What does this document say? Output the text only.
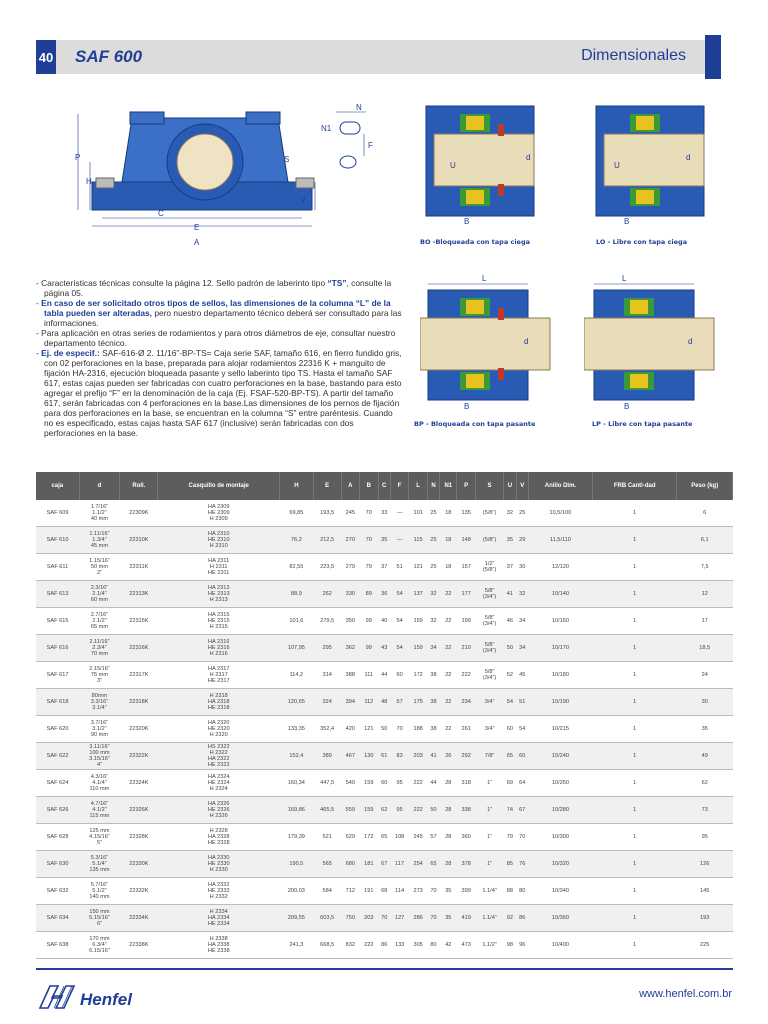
40 SAF 600	Dimensionales
P
H
S
V
C
E
A
N
N1
F
U
d
B
BO -Bloqueada con tapa ciega
U
d
B
LO - Libre con tapa ciega
L
d
B
BP - Bloqueada con tapa pasante
L
d
B
LP - Libre con tapa pasante

- Características técnicas consulte la página 12. Sello padrón de laberinto tipo “TS”, consulte la página 05.

- En caso de ser solicitado otros tipos de sellos, las dimensiones de la columna “L” de la tabla pueden ser alteradas, pero nuestro departamento técnico deberá ser consultado para las informaciones.

- Para aplicación en otras series de rodamientos y para otros diámetros de eje, consultar nuestro departamento técnico.

- Ej. de especif.: SAF-616-Ø 2. 11/16”-BP-TS= Caja serie SAF, tamaño 616, en fierro fundido gris, con 02 perforaciones en la base, preparada para alojar rodamientos 22316 K + manguito de fijación HA-2316, ejecución bloqueada pasante y sello laberinto tipo TS. Hasta el tamaño SAF 617, estas cajas pueden ser fabricadas con cuatro perforaciones en la base, bastando para esto agregar el prefijo “F” en la denominación de la caja (Ej. FSAF-520-BP-TS). A partir del tamaño 617, serán fabricadas con 4 perforaciones en la base.Las dimensiones de los pernos de fijación para dos perforaciones en la base, se encuentran en la columna “S” entre paréntesis. Cuando no es especificado, estas cajas hasta SAF 617 (inclusive) serán fabricadas con dos perforaciones en la base.

caja	d	Roll.	Casquillo de montaje	H	E	A	B	C	F	L	N	N1	P	S	U	V	Anillo Dim.	FRB Canti-dad	Peso (kg)
SAF 609	1.7/16”
1.1/2”
40 mm	22309K	HA 2309
HE 2309
H 2309	69,85	193,5	245	70	33	—	101	25	18	135	(5/8”)	32	25	10,5/100	1	6
SAF 610	1.11/16”
1.3/4”
45 mm	22310K	HA 2310
HE 2310
H 2310	76,2	212,5	270	70	35	—	115	25	18	148	(5/8”)	35	29	11,5/110	1	6,1
SAF 611	1.15/16”
50 mm
2”	22311K	HA 2311
H 2311
HE 2311	82,55	223,5	279	79	37	51	121	25	18	157	1/2”
(5/8”)	37	30	12/120	1	7,5
SAF 613	2.3/16”
2.1/4”
60 mm	22313K	HA 2313
HE 2313
H 2313	88,9	262	330	89	36	54	137	32	22	177	5/8”
(3/4”)	41	32	10/140	1	12
SAF 615	2.7/16”
2.1/2”
65 mm	22315K	HA 2315
HE 2315
H 2315	101,6	279,5	350	99	40	54	159	32	22	199	5/8”
(3/4”)	46	34	10/160	1	17
SAF 616	2.11/16”
2.3/4”
70 mm	22316K	HA 2316
HE 2316
H 2316	107,95	295	362	99	43	54	159	34	22	210	5/8”
(3/4”)	50	34	10/170	1	18,5
SAF 617	2.15/16”
75 mm
3”	22317K	HA 2317
H 2317
HE 2317	114,2	314	388	111	44	60	172	38	22	222	5/8”
(3/4”)	52	45	10/180	1	24
SAF 618	80mm
3.3/16”
3.1/4”	22318K	H 2318
HA 2318
HE 2318	120,65	324	394	112	48	57	175	38	22	234	3/4”	54	51	10/190	1	30
SAF 620	3.7/16”
3.1/2”
90 mm	22320K	HA 2320
HE 2320
H 2320	133,35	352,4	420	121	50	70	188	38	22	261	3/4”	60	54	10/215	1	35
SAF 622	3.11/16”
100 mm
3.15/16”
4”	22322K	HS 2322
H 2322
HA 2322
HE 2322	152,4	389	467	130	61	83	203	41	26	292	7/8”	65	60	10/240	1	49
SAF 624	4.3/16”
4.1/4”
110 mm	22324K	HA 2324
HE 2324
H 2324	160,34	447,5	540	159	60	95	222	44	28	318	1”	69	64	10/260	1	62
SAF 626	4.7/16”
4.1/2”
115 mm	22326K	HA 2326
HE 2326
H 2326	169,86	465,5	559	159	62	95	222	50	28	338	1”	74	67	10/280	1	73
SAF 628	125 mm
4.15/16”
5”	22328K	H 2328
HA 2328
HE 2328	179,39	521	629	172	65	108	245	57	28	360	1”	79	70	10/300	1	95
SAF 630	5.3/16”
5.1/4”
135 mm	22330K	HA 2330
HE 2330
H 2330	190,5	565	680	181	67	117	254	65	28	378	1”	85	76	10/320	1	126
SAF 632	5.7/16”
5.1/2”
140 mm	22332K	HA 2332
HE 2332
H 2332	200,03	584	712	191	68	114	273	70	35	399	1.1/4”	88	80	10/340	1	145
SAF 634	150 mm
5.15/16”
6”	22334K	H 2334
HA 2334
HE 2334	209,55	603,5	750	203	70	127	286	70	35	419	1.1/4”	92	86	10/360	1	193
SAF 638	170 mm
6.3/4”
6.15/16”	22338K	H 2338
HA 2338
HE 2338	241,3	668,5	832	222	86	133	305	80	42	473	1.1/2”	98	96	10/400	1	225
Henfel	www.henfel.com.br
